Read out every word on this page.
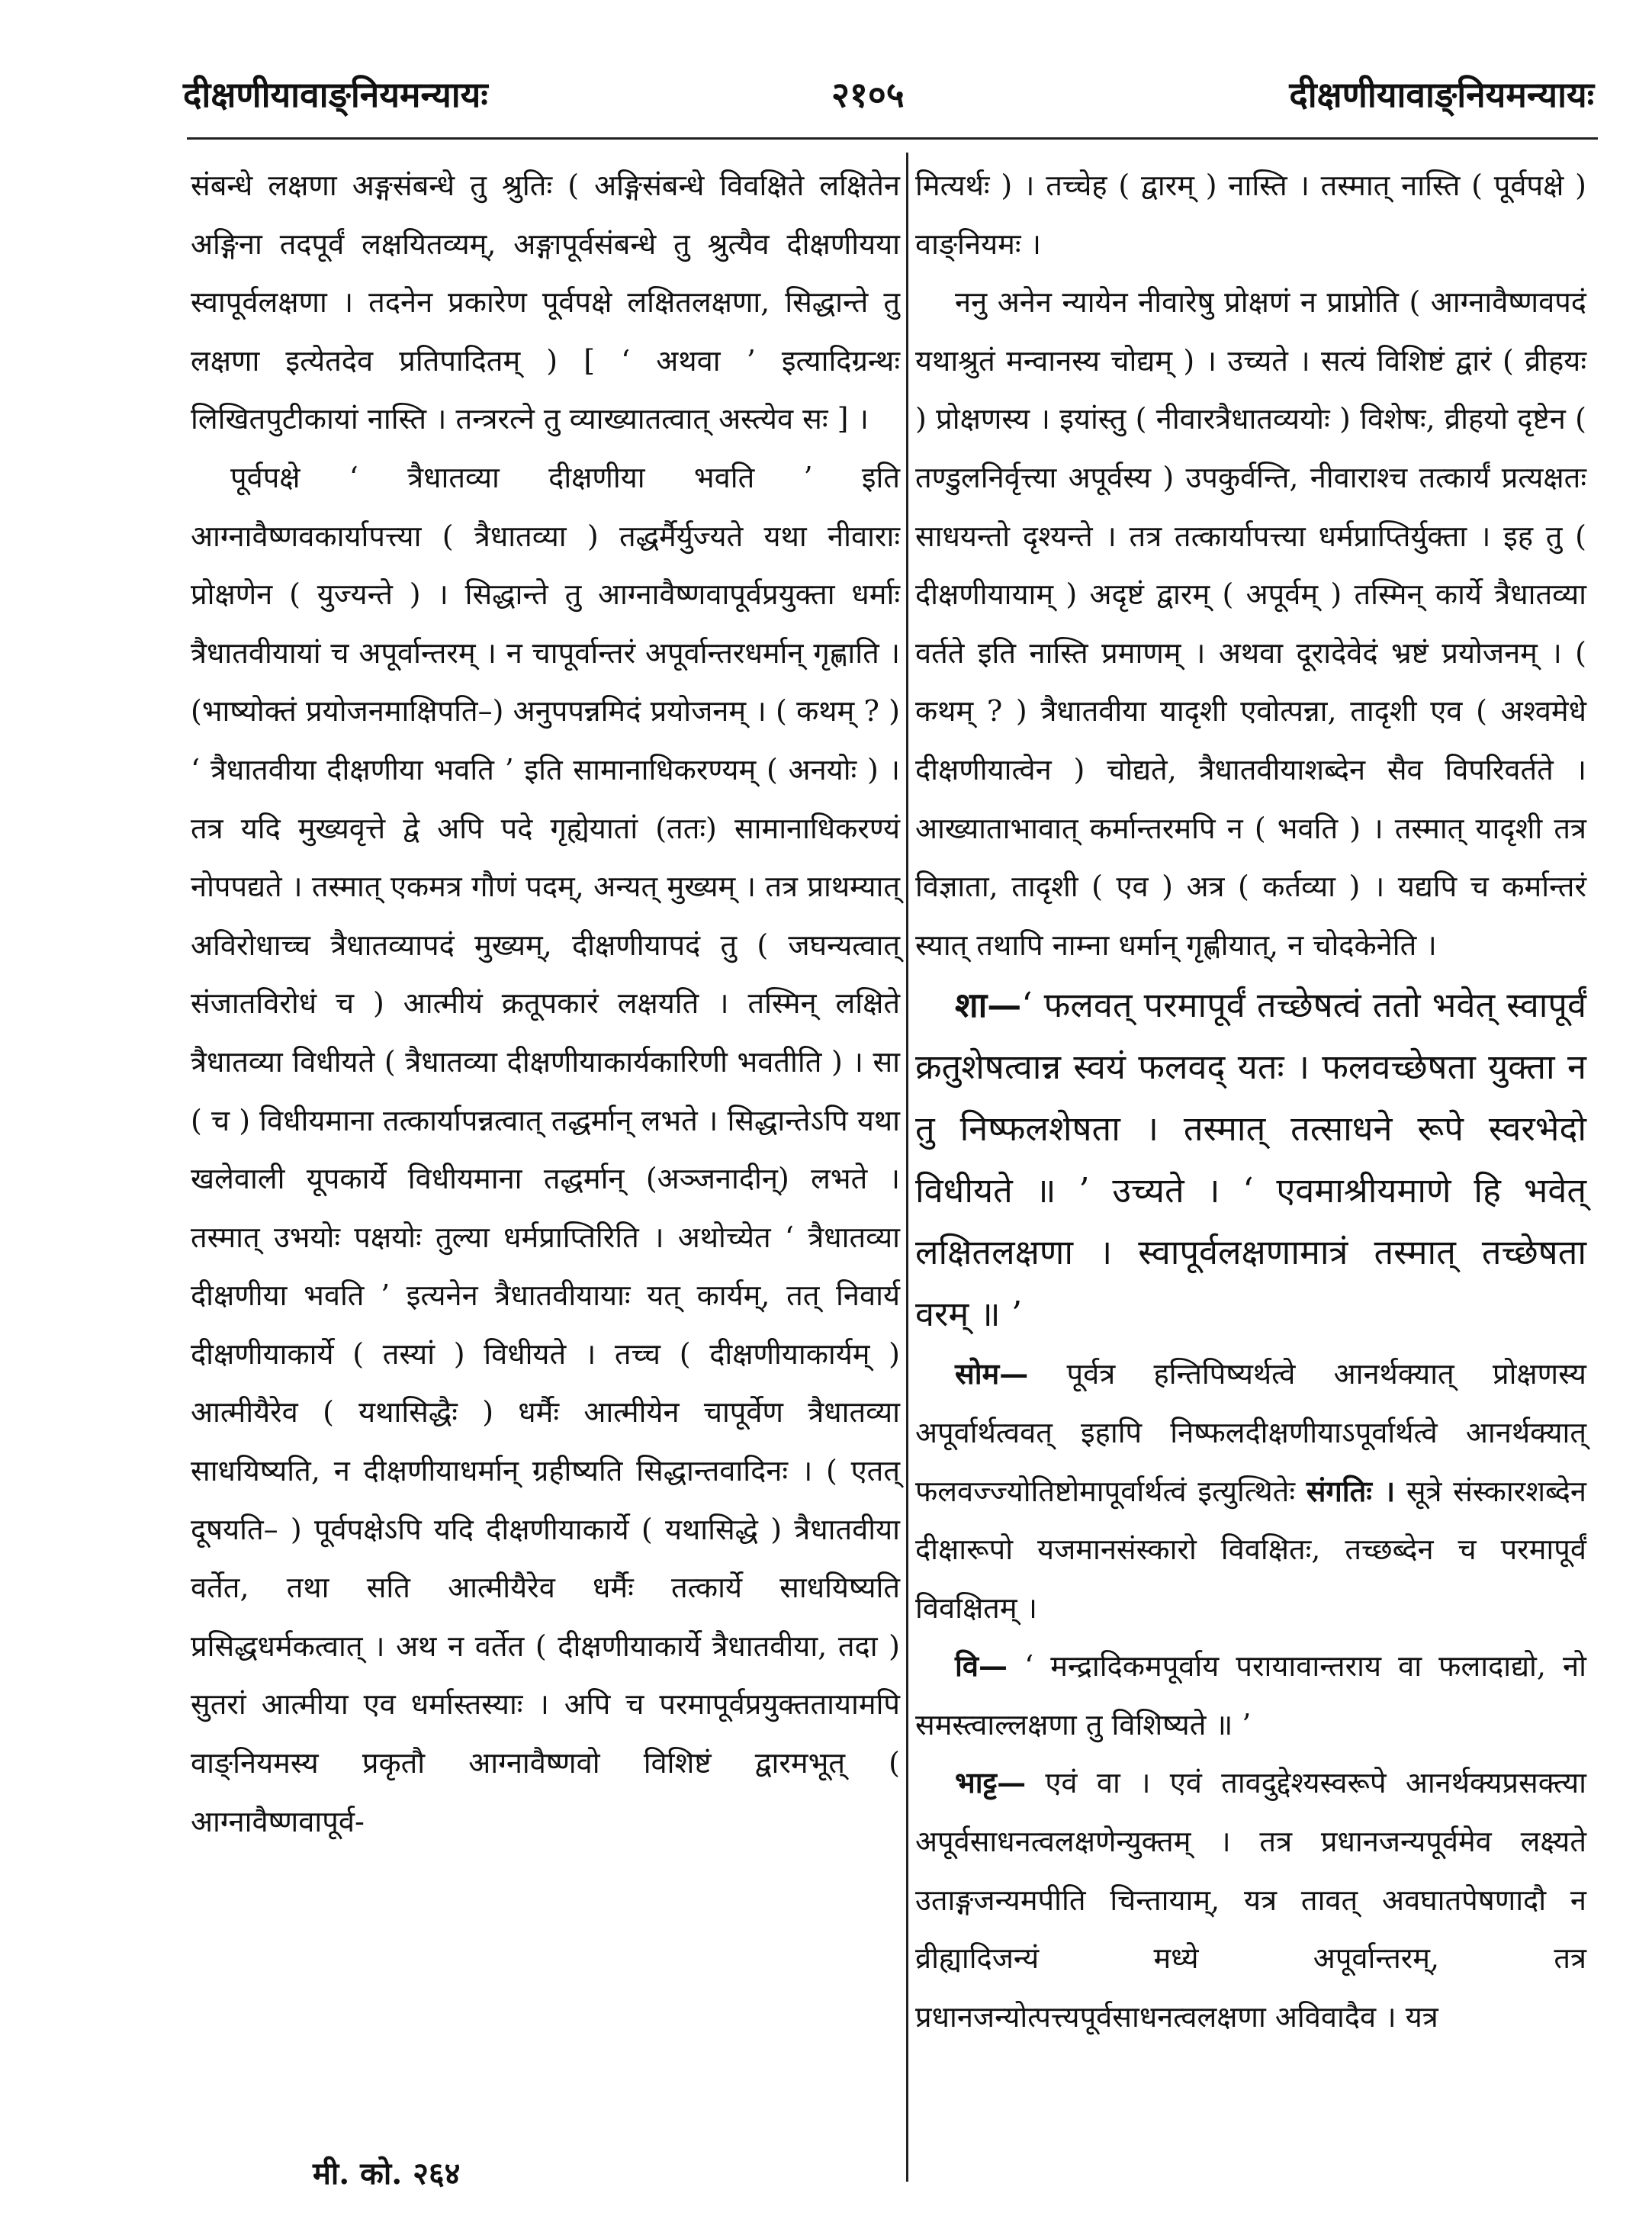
दीक्षणीयावाङ्नियमन्यायः	२१०५	दीक्षणीयावाङ्नियमन्यायः

संबन्धे लक्षणा अङ्गसंबन्धे तु श्रुतिः ( अङ्गिसंबन्धे विवक्षिते लक्षितेन अङ्गिना तदपूर्वं लक्षयितव्यम्, अङ्गापूर्वसंबन्धे तु श्रुत्यैव दीक्षणीयया स्वापूर्वलक्षणा । तदनेन प्रकारेण पूर्वपक्षे लक्षितलक्षणा, सिद्धान्ते तु लक्षणा इत्येतदेव प्रतिपादितम् ) [ ‘ अथवा ’ इत्यादिग्रन्थः लिखितपुटीकायां नास्ति । तन्त्ररत्ने तु व्याख्यातत्वात् अस्त्येव सः ] ।

पूर्वपक्षे ‘ त्रैधातव्या दीक्षणीया भवति ’ इति आग्नावैष्णवकार्यापत्त्या ( त्रैधातव्या ) तद्धर्मैर्युज्यते यथा नीवाराः प्रोक्षणेन ( युज्यन्ते ) । सिद्धान्ते तु आग्नावैष्णवापूर्वप्रयुक्ता धर्माः त्रैधातवीयायां च अपूर्वान्तरम् । न चापूर्वान्तरं अपूर्वान्तरधर्मान् गृह्णाति । (भाष्योक्तं प्रयोजनमाक्षिपति–) अनुपपन्नमिदं प्रयोजनम् । ( कथम् ? ) ‘ त्रैधातवीया दीक्षणीया भवति ’ इति सामानाधिकरण्यम् ( अनयोः ) । तत्र यदि मुख्यवृत्ते द्वे अपि पदे गृह्येयातां (ततः) सामानाधिकरण्यं नोपपद्यते । तस्मात् एकमत्र गौणं पदम्, अन्यत् मुख्यम् । तत्र प्राथम्यात् अविरोधाच्च त्रैधातव्यापदं मुख्यम्, दीक्षणीयापदं तु ( जघन्यत्वात् संजातविरोधं च ) आत्मीयं क्रतूपकारं लक्षयति । तस्मिन् लक्षिते त्रैधातव्या विधीयते ( त्रैधातव्या दीक्षणीयाकार्यकारिणी भवतीति ) । सा ( च ) विधीयमाना तत्कार्यापन्नत्वात् तद्धर्मान् लभते । सिद्धान्तेऽपि यथा खलेवाली यूपकार्ये विधीयमाना तद्धर्मान् (अञ्जनादीन्) लभते । तस्मात् उभयोः पक्षयोः तुल्या धर्मप्राप्तिरिति । अथोच्येत ‘ त्रैधातव्या दीक्षणीया भवति ’ इत्यनेन त्रैधातवीयायाः यत् कार्यम्, तत् निवार्य दीक्षणीयाकार्ये ( तस्यां ) विधीयते । तच्च ( दीक्षणीयाकार्यम् ) आत्मीयैरेव ( यथासिद्धैः ) धर्मैः आत्मीयेन चापूर्वेण त्रैधातव्या साधयिष्यति, न दीक्षणीयाधर्मान् ग्रहीष्यति सिद्धान्तवादिनः । ( एतत् दूषयति– ) पूर्वपक्षेऽपि यदि दीक्षणीयाकार्ये ( यथासिद्धे ) त्रैधातवीया वर्तेत, तथा सति आत्मीयैरेव धर्मैः तत्कार्ये साधयिष्यति प्रसिद्धधर्मकत्वात् । अथ न वर्तेत ( दीक्षणीयाकार्ये त्रैधातवीया, तदा ) सुतरां आत्मीया एव धर्मास्तस्याः । अपि च परमापूर्वप्रयुक्ततायामपि वाङ्नियमस्य प्रकृतौ आग्नावैष्णवो विशिष्टं द्वारमभूत् ( आग्नावैष्णवापूर्व-

मित्यर्थः ) । तच्चेह ( द्वारम् ) नास्ति । तस्मात् नास्ति ( पूर्वपक्षे ) वाङ्नियमः ।

ननु अनेन न्यायेन नीवारेषु प्रोक्षणं न प्राप्नोति ( आग्नावैष्णवपदं यथाश्रुतं मन्वानस्य चोद्यम् ) । उच्यते । सत्यं विशिष्टं द्वारं ( व्रीहयः ) प्रोक्षणस्य । इयांस्तु ( नीवारत्रैधातव्ययोः ) विशेषः, व्रीहयो दृष्टेन ( तण्डुलनिर्वृत्त्या अपूर्वस्य ) उपकुर्वन्ति, नीवाराश्च तत्कार्यं प्रत्यक्षतः साधयन्तो दृश्यन्ते । तत्र तत्कार्यापत्त्या धर्मप्राप्तिर्युक्ता । इह तु ( दीक्षणीयायाम् ) अदृष्टं द्वारम् ( अपूर्वम् ) तस्मिन् कार्ये त्रैधातव्या वर्तते इति नास्ति प्रमाणम् । अथवा दूरादेवेदं भ्रष्टं प्रयोजनम् । ( कथम् ? ) त्रैधातवीया यादृशी एवोत्पन्ना, तादृशी एव ( अश्वमेधे दीक्षणीयात्वेन ) चोद्यते, त्रैधातवीयाशब्देन सैव विपरिवर्तते । आख्याताभावात् कर्मान्तरमपि न ( भवति ) । तस्मात् यादृशी तत्र विज्ञाता, तादृशी ( एव ) अत्र ( कर्तव्या ) । यद्यपि च कर्मान्तरं स्यात् तथापि नाम्ना धर्मान् गृह्णीयात्, न चोदकेनेति ।

शा—‘ फलवत् परमापूर्वं तच्छेषत्वं ततो भवेत् स्वापूर्वं क्रतुशेषत्वान्न स्वयं फलवद् यतः । फलवच्छेषता युक्ता न तु निष्फलशेषता । तस्मात् तत्साधने रूपे स्वरभेदो विधीयते ॥ ’ उच्यते । ‘ एवमाश्रीयमाणे हि भवेत् लक्षितलक्षणा । स्वापूर्वलक्षणामात्रं तस्मात् तच्छेषता वरम् ॥ ’

सोम— पूर्वत्र हन्तिपिष्यर्थत्वे आनर्थक्यात् प्रोक्षणस्य अपूर्वार्थत्ववत् इहापि निष्फलदीक्षणीयाऽपूर्वार्थत्वे आनर्थक्यात् फलवज्ज्योतिष्टोमापूर्वार्थत्वं इत्युत्थितेः संगतिः । सूत्रे संस्कारशब्देन दीक्षारूपो यजमानसंस्कारो विवक्षितः, तच्छब्देन च परमापूर्वं विवक्षितम् ।

वि— ‘ मन्द्रादिकमपूर्वाय परायावान्तराय वा फलादाद्यो, नो समस्त्वाल्लक्षणा तु विशिष्यते ॥ ’

भाट्ट— एवं वा । एवं तावदुद्देश्यस्वरूपे आनर्थक्यप्रसक्त्या अपूर्वसाधनत्वलक्षणेन्युक्तम् । तत्र प्रधानजन्यपूर्वमेव लक्ष्यते उताङ्गजन्यमपीति चिन्तायाम्, यत्र तावत् अवघातपेषणादौ न व्रीह्यादिजन्यं मध्ये अपूर्वान्तरम्, तत्र प्रधानजन्योत्पत्त्यपूर्वसाधनत्वलक्षणा अविवादैव । यत्र

मी. को. २६४
